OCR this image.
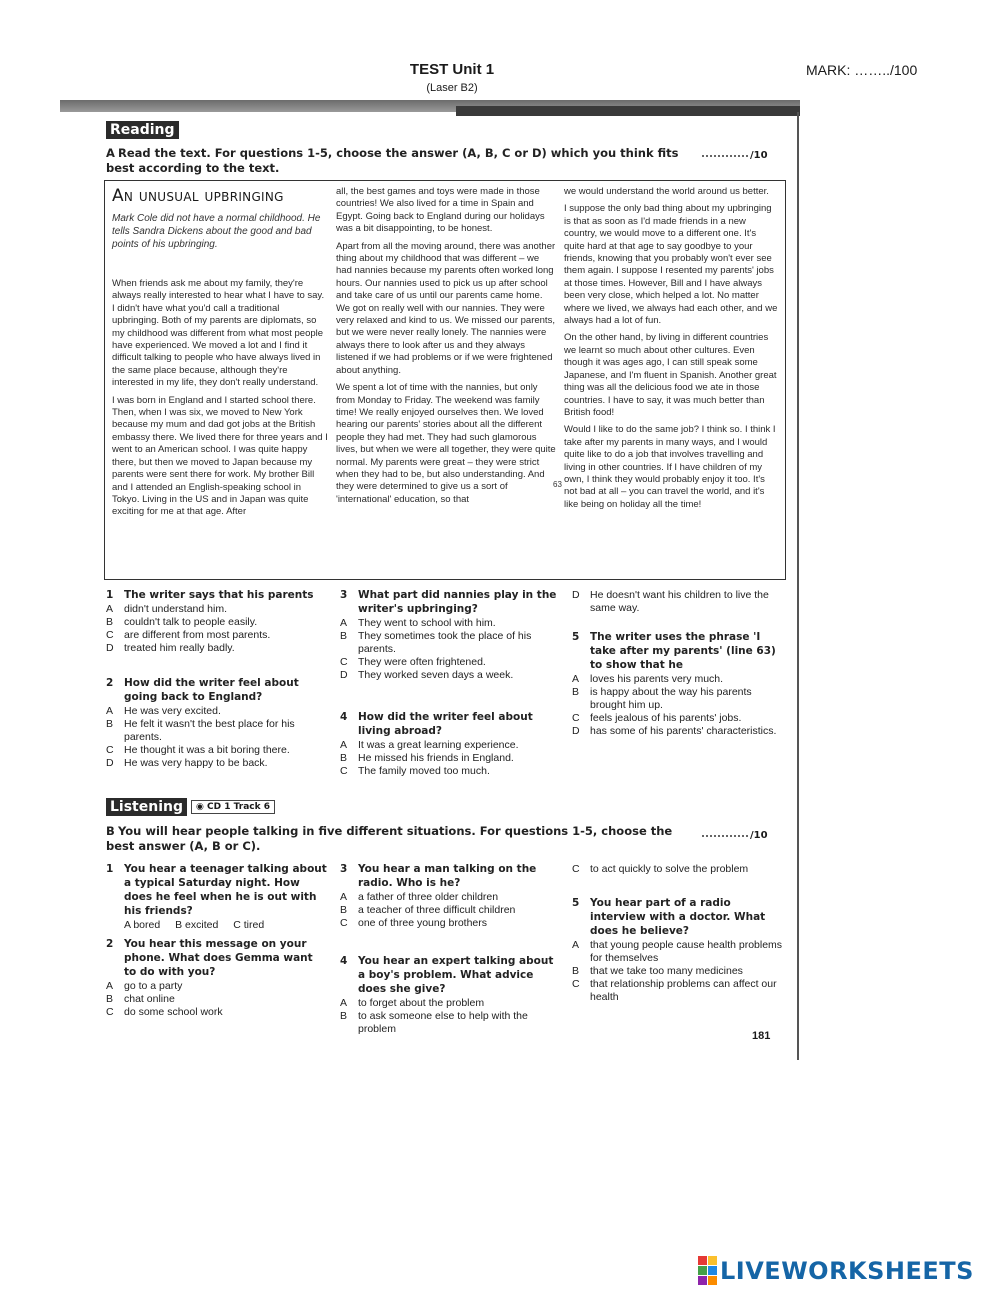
TEST Unit 1
(Laser B2)
MARK: ……../100
Reading
A Read the text. For questions 1-5, choose the answer (A, B, C or D) which you think fits best according to the text.
/10
An unusual upbringing
Mark Cole did not have a normal childhood. He tells Sandra Dickens about the good and bad points of his upbringing.

When friends ask me about my family, they're always really interested to hear what I have to say. I didn't have what you'd call a traditional upbringing. Both of my parents are diplomats, so my childhood was different from what most people have experienced. We moved a lot and I find it difficult talking to people who have always lived in the same place because, although they're interested in my life, they don't really understand.

I was born in England and I started school there. Then, when I was six, we moved to New York because my mum and dad got jobs at the British embassy there. We lived there for three years and I went to an American school. I was quite happy there, but then we moved to Japan because my parents were sent there for work. My brother Bill and I attended an English-speaking school in Tokyo. Living in the US and in Japan was quite exciting for me at that age. After

all, the best games and toys were made in those countries! We also lived for a time in Spain and Egypt. Going back to England during our holidays was a bit disappointing, to be honest.

Apart from all the moving around, there was another thing about my childhood that was different – we had nannies because my parents often worked long hours. Our nannies used to pick us up after school and take care of us until our parents came home. We got on really well with our nannies. They were very relaxed and kind to us. We missed our parents, but we were never really lonely. The nannies were always there to look after us and they always listened if we had problems or if we were frightened about anything.

We spent a lot of time with the nannies, but only from Monday to Friday. The weekend was family time! We really enjoyed ourselves then. We loved hearing our parents' stories about all the different people they had met. They had such glamorous lives, but when we were all together, they were quite normal. My parents were great – they were strict when they had to be, but also understanding. And they were determined to give us a sort of 'international' education, so that

we would understand the world around us better.

I suppose the only bad thing about my upbringing is that as soon as I'd made friends in a new country, we would move to a different one. It's quite hard at that age to say goodbye to your friends, knowing that you probably won't ever see them again. I suppose I resented my parents' jobs at those times. However, Bill and I have always been very close, which helped a lot. No matter where we lived, we always had each other, and we always had a lot of fun.

On the other hand, by living in different countries we learnt so much about other cultures. Even though it was ages ago, I can still speak some Japanese, and I'm fluent in Spanish. Another great thing was all the delicious food we ate in those countries. I have to say, it was much better than British food!

Would I like to do the same job? I think so. I think I take after my parents in many ways, and I would quite like to do a job that involves travelling and living in other countries. If I have children of my own, I think they would probably enjoy it too. It's not bad at all – you can travel the world, and it's like being on holiday all the time!

63
1	The writer says that his parents
A	didn't understand him.
B	couldn't talk to people easily.
C are different from most parents.
D treated him really badly.
2	How did the writer feel about going back to England?
A	He was very excited.
B	He felt it wasn't the best place for his parents.
C He thought it was a bit boring there.
D He was very happy to be back.
3	What part did nannies play in the writer's upbringing?
A	They went to school with him.
B	They sometimes took the place of his parents.
C They were often frightened.
D They worked seven days a week.
4	How did the writer feel about living abroad?
A	It was a great learning experience.
B	He missed his friends in England.
C The family moved too much.
D He doesn't want his children to live the same way.
5	The writer uses the phrase 'I take after my parents' (line 63) to show that he
A	loves his parents very much.
B	is happy about the way his parents brought him up.
C feels jealous of his parents' jobs.
D has some of his parents' characteristics.
Listening	◉ CD 1 Track 6
B You will hear people talking in five different situations. For questions 1-5, choose the best answer (A, B or C).
/10
1	You hear a teenager talking about a typical Saturday night. How does he feel when he is out with his friends?
A bored B excited C tired
2	You hear this message on your phone. What does Gemma want to do with you?
A	go to a party
B	chat online
C do some school work
3	You hear a man talking on the radio. Who is he?
A	a father of three older children
B	a teacher of three difficult children
C one of three young brothers
4	You hear an expert talking about a boy's problem. What advice does she give?
A	to forget about the problem
B	to ask someone else to help with the problem
C to act quickly to solve the problem
5	You hear part of a radio interview with a doctor. What does he believe?
A	that young people cause health problems for themselves
B	that we take too many medicines
C that relationship problems can affect our health
181
LIVEWORKSHEETS
